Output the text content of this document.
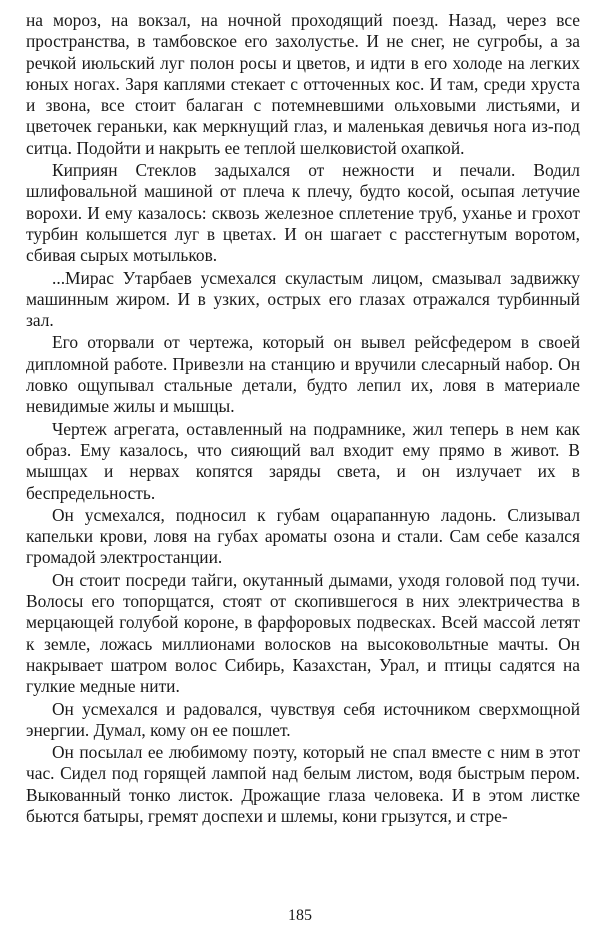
на мороз, на вокзал, на ночной проходящий поезд. Назад, через все пространства, в тамбовское его захолустье. И не снег, не сугробы, а за речкой июльский луг полон росы и цветов, и идти в его холоде на легких юных ногах. Заря каплями стекает с отточенных кос. И там, среди хруста и звона, все стоит балаган с потемневшими ольховыми листьями, и цветочек гераньки, как меркнущий глаз, и маленькая девичья нога из-под ситца. Подойти и накрыть ее теплой шелковистой охапкой.

Киприян Стеклов задыхался от нежности и печали. Водил шлифовальной машиной от плеча к плечу, будто косой, осыпая летучие ворохи. И ему казалось: сквозь железное сплетение труб, уханье и грохот турбин колышется луг в цветах. И он шагает с расстегнутым воротом, сбивая сырых мотыльков.

...Мирас Утарбаев усмехался скуластым лицом, смазывал задвижку машинным жиром. И в узких, острых его глазах отражался турбинный зал.

Его оторвали от чертежа, который он вывел рейсфедером в своей дипломной работе. Привезли на станцию и вручили слесарный набор. Он ловко ощупывал стальные детали, будто лепил их, ловя в материале невидимые жилы и мышцы.

Чертеж агрегата, оставленный на подрамнике, жил теперь в нем как образ. Ему казалось, что сияющий вал входит ему прямо в живот. В мышцах и нервах копятся заряды света, и он излучает их в беспредельность.

Он усмехался, подносил к губам оцарапанную ладонь. Слизывал капельки крови, ловя на губах ароматы озона и стали. Сам себе казался громадой электростанции.

Он стоит посреди тайги, окутанный дымами, уходя головой под тучи. Волосы его топорщатся, стоят от скопившегося в них электричества в мерцающей голубой короне, в фарфоровых подвесках. Всей массой летят к земле, ложась миллионами волосков на высоковольтные мачты. Он накрывает шатром волос Сибирь, Казахстан, Урал, и птицы садятся на гулкие медные нити.

Он усмехался и радовался, чувствуя себя источником сверхмощной энергии. Думал, кому он ее пошлет.

Он посылал ее любимому поэту, который не спал вместе с ним в этот час. Сидел под горящей лампой над белым листом, водя быстрым пером. Выкованный тонко листок. Дрожащие глаза человека. И в этом листке бьются батыры, гремят доспехи и шлемы, кони грызутся, и стре-

185
